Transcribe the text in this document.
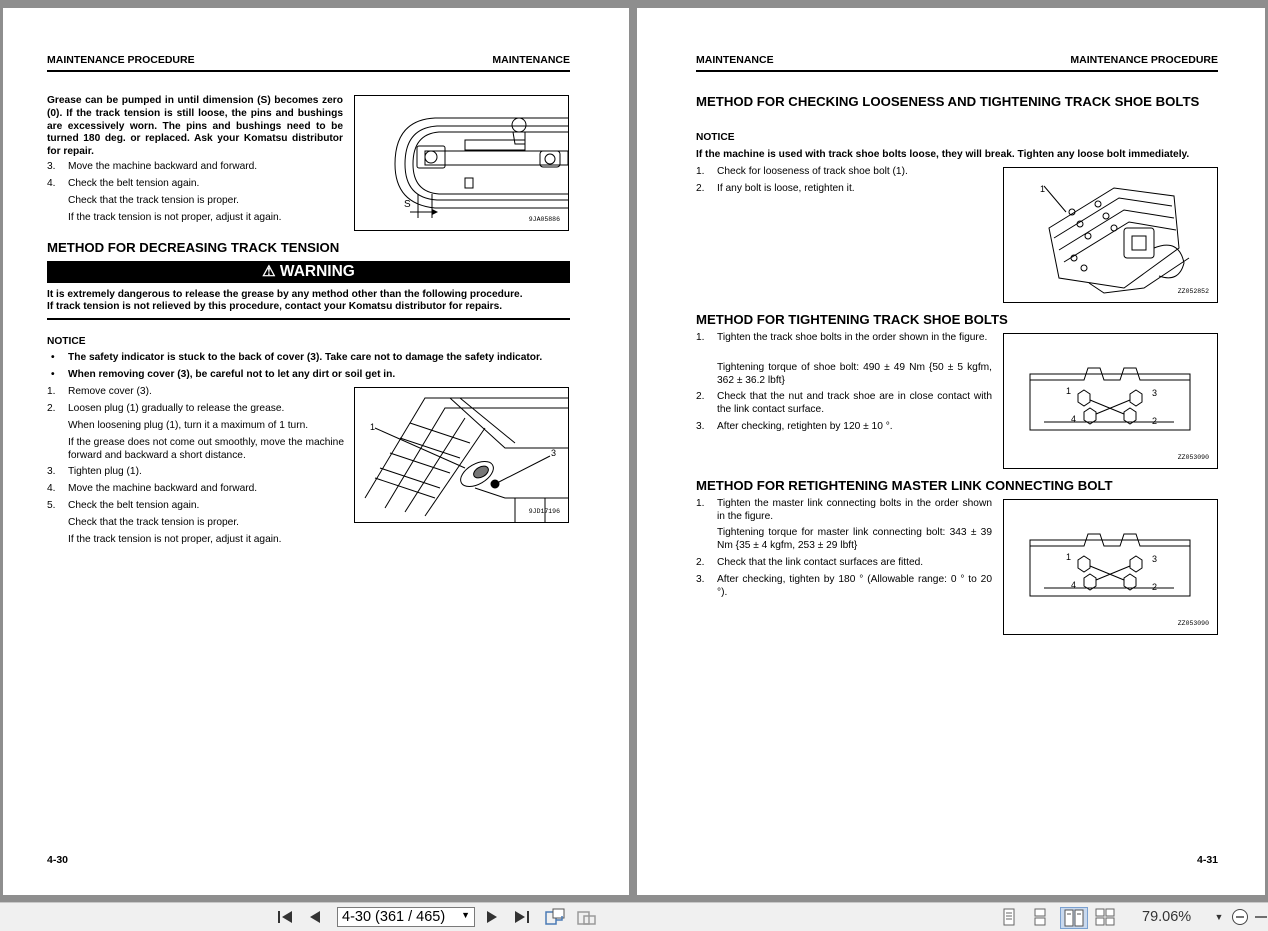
MAINTENANCE PROCEDURE	MAINTENANCE
Grease can be pumped in until dimension (S) becomes zero (0). If the track tension is still loose, the pins and bushings are excessively worn. The pins and bushings need to be turned 180 deg. or replaced. Ask your Komatsu distributor for repair.
3. Move the machine backward and forward.
4. Check the belt tension again.
Check that the track tension is proper.
If the track tension is not proper, adjust it again.
S
9JA05886
METHOD FOR DECREASING TRACK TENSION
⚠ WARNING
It is extremely dangerous to release the grease by any method other than the following procedure.
If track tension is not relieved by this procedure, contact your Komatsu distributor for repairs.
NOTICE
• The safety indicator is stuck to the back of cover (3). Take care not to damage the safety indicator.
• When removing cover (3), be careful not to let any dirt or soil get in.
1. Remove cover (3).
2. Loosen plug (1) gradually to release the grease.
When loosening plug (1), turn it a maximum of 1 turn.
If the grease does not come out smoothly, move the machine forward and backward a short distance.
3. Tighten plug (1).
4. Move the machine backward and forward.
5. Check the belt tension again.
Check that the track tension is proper.
If the track tension is not proper, adjust it again.
1
3
9JD17196
4-30
MAINTENANCE	MAINTENANCE PROCEDURE
METHOD FOR CHECKING LOOSENESS AND TIGHTENING TRACK SHOE BOLTS
NOTICE
If the machine is used with track shoe bolts loose, they will break. Tighten any loose bolt immediately.
1. Check for looseness of track shoe bolt (1).
2. If any bolt is loose, retighten it.	1
ZZ052852
METHOD FOR TIGHTENING TRACK SHOE BOLTS
1. Tighten the track shoe bolts in the order shown in the figure.
Tightening torque of shoe bolt: 490 ± 49 Nm {50 ± 5 kgfm, 362 ± 36.2 lbft}
2. Check that the nut and track shoe are in close contact with the link contact surface.
3. After checking, retighten by 120 ± 10 °.
1	3
4	2
ZZ053090
METHOD FOR RETIGHTENING MASTER LINK CONNECTING BOLT
1. Tighten the master link connecting bolts in the order shown in the figure.
Tightening torque for master link connecting bolt: 343 ± 39 Nm {35 ± 4 kgfm, 253 ± 29 lbft}
2. Check that the link contact surfaces are fitted.
3. After checking, tighten by 180 ° (Allowable range: 0 ° to 20 °).
1	3
4	2
ZZ053090
4-31
4-30 (361 / 465) ▼	79.06%	▼
